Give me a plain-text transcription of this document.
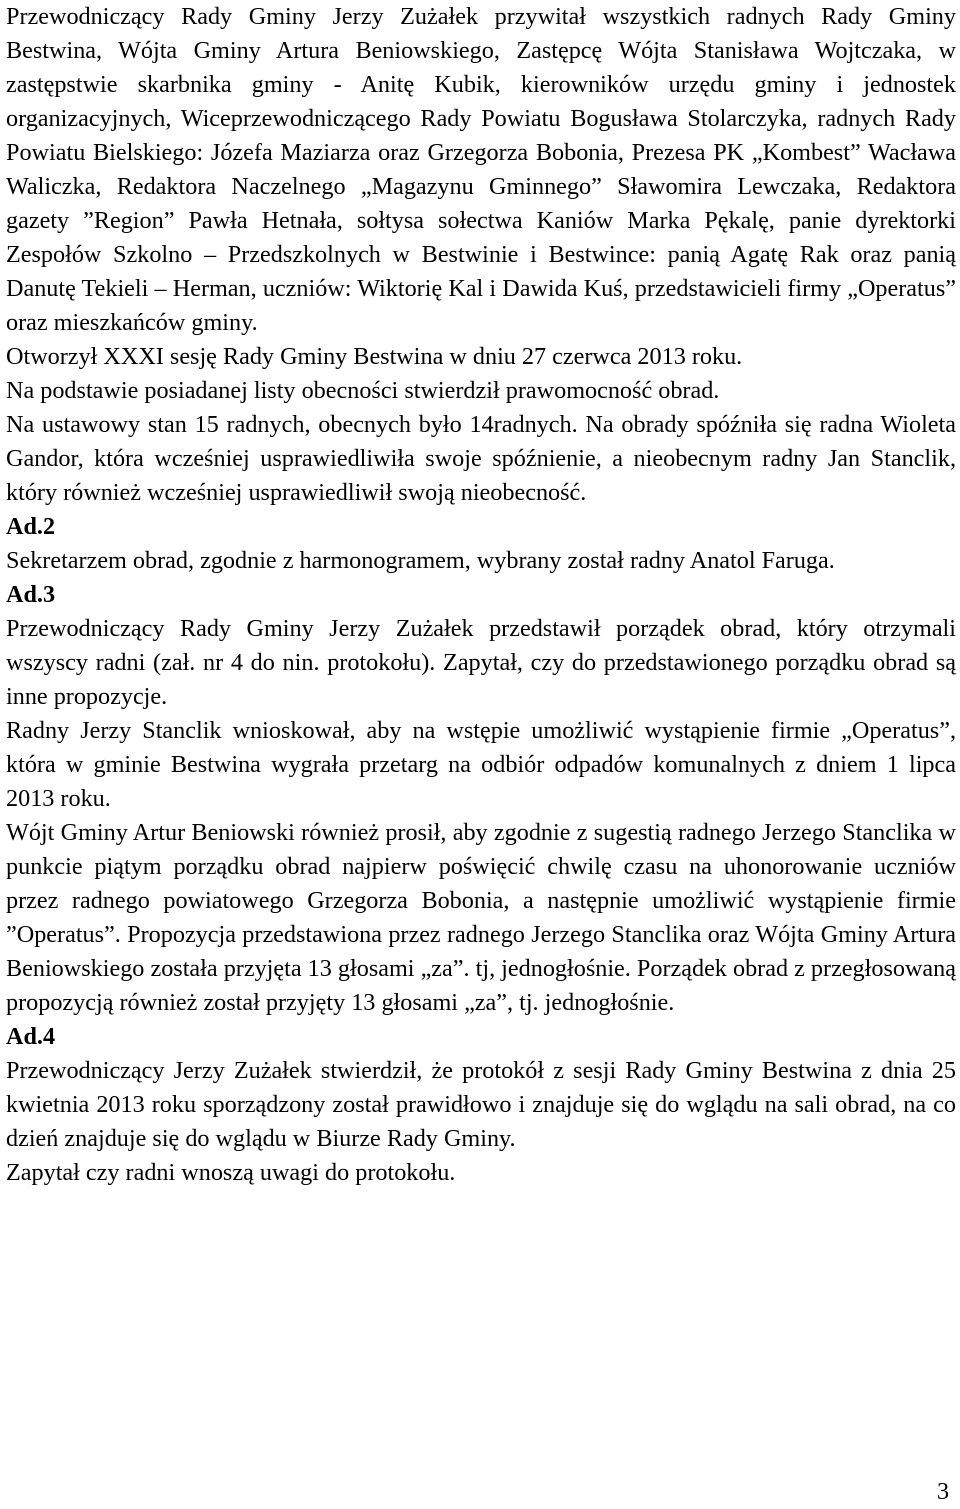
Przewodniczący Rady Gminy Jerzy Zużałek przywitał wszystkich radnych Rady Gminy Bestwina, Wójta Gminy Artura Beniowskiego, Zastępcę Wójta Stanisława Wojtczaka, w zastępstwie skarbnika gminy - Anitę Kubik, kierowników urzędu gminy i jednostek organizacyjnych, Wiceprzewodniczącego Rady Powiatu Bogusława Stolarczyka, radnych Rady Powiatu Bielskiego: Józefa Maziarza oraz Grzegorza Bobonia, Prezesa PK „Kombest” Wacława Waliczka, Redaktora Naczelnego „Magazynu Gminnego” Sławomira Lewczaka, Redaktora gazety ”Region” Pawła Hetnała, sołtysa sołectwa Kaniów Marka Pękalę, panie dyrektorki Zespołów Szkolno – Przedszkolnych w Bestwinie i Bestwince: panią Agatę Rak oraz panią Danutę Tekieli – Herman, uczniów: Wiktorię Kal i Dawida Kuś, przedstawicieli firmy „Operatus” oraz mieszkańców gminy.

Otworzył XXXI sesję Rady Gminy Bestwina w dniu 27 czerwca 2013 roku.

Na podstawie posiadanej listy obecności stwierdził prawomocność obrad.

Na ustawowy stan 15 radnych, obecnych było 14radnych. Na obrady spóźniła się radna Wioleta Gandor, która wcześniej usprawiedliwiła swoje spóźnienie, a nieobecnym radny Jan Stanclik, który również wcześniej usprawiedliwił swoją nieobecność.

Ad.2

Sekretarzem obrad, zgodnie z harmonogramem, wybrany został radny Anatol Faruga.

Ad.3

Przewodniczący Rady Gminy Jerzy Zużałek przedstawił porządek obrad, który otrzymali wszyscy radni (zał. nr 4 do nin. protokołu). Zapytał, czy do przedstawionego porządku obrad są inne propozycje.

Radny Jerzy Stanclik wnioskował, aby na wstępie umożliwić wystąpienie firmie „Operatus”, która w gminie Bestwina wygrała przetarg na odbiór odpadów komunalnych z dniem 1 lipca 2013 roku.

Wójt Gminy Artur Beniowski również prosił, aby zgodnie z sugestią radnego Jerzego Stanclika w punkcie piątym porządku obrad najpierw poświęcić chwilę czasu na uhonorowanie uczniów przez radnego powiatowego Grzegorza Bobonia, a następnie umożliwić wystąpienie firmie ”Operatus”. Propozycja przedstawiona przez radnego Jerzego Stanclika oraz Wójta Gminy Artura Beniowskiego została przyjęta 13 głosami „za”. tj, jednogłośnie. Porządek obrad z przegłosowaną propozycją również został przyjęty 13 głosami „za”, tj. jednogłośnie.

Ad.4

Przewodniczący Jerzy Zużałek stwierdził, że protokół z sesji Rady Gminy Bestwina z dnia 25 kwietnia 2013 roku sporządzony został prawidłowo i znajduje się do wglądu na sali obrad, na co dzień znajduje się do wglądu w Biurze Rady Gminy.

Zapytał czy radni wnoszą uwagi do protokołu.

3
